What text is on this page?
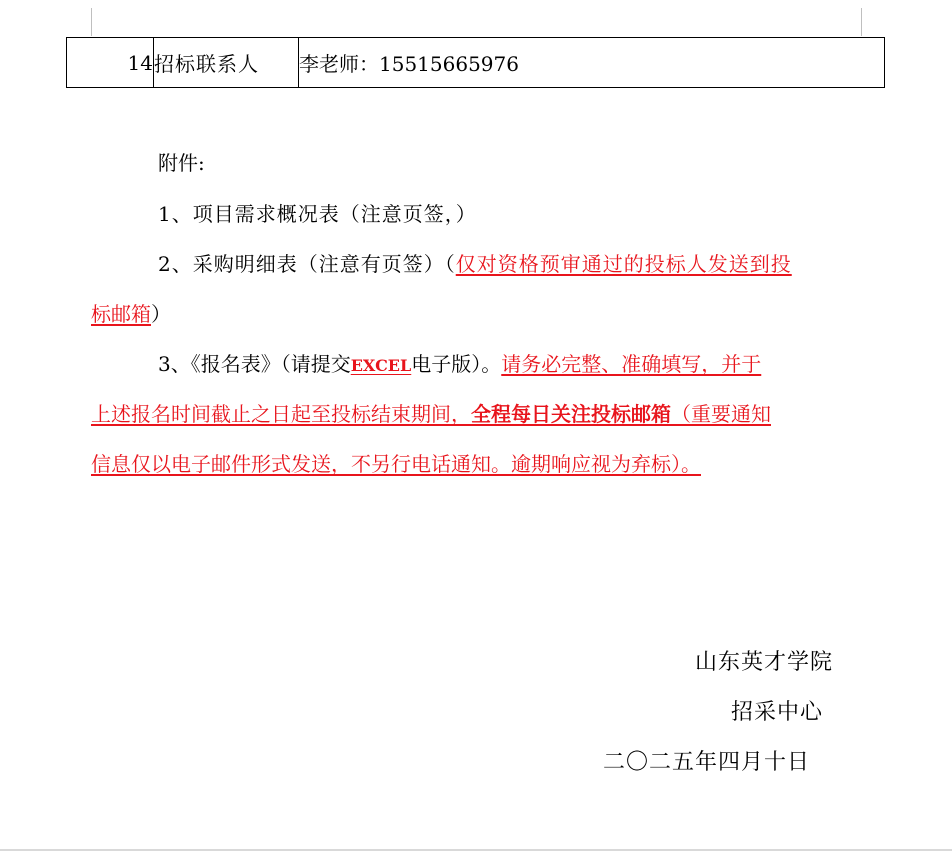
14	招标联系人	李老师：15515665976
附件:
1、项目需求概况表（注意页签，）
2、采购明细表（注意有页签）（仅对资格预审通过的投标人发送到投
标邮箱）
3、《报名表》（请提交EXCEL电子版）。请务必完整、准确填写，并于
上述报名时间截止之日起至投标结束期间，全程每日关注投标邮箱（重要通知
信息仅以电子邮件形式发送，不另行电话通知。逾期响应视为弃标）。
山东英才学院
招采中心
二〇二五年四月十日
